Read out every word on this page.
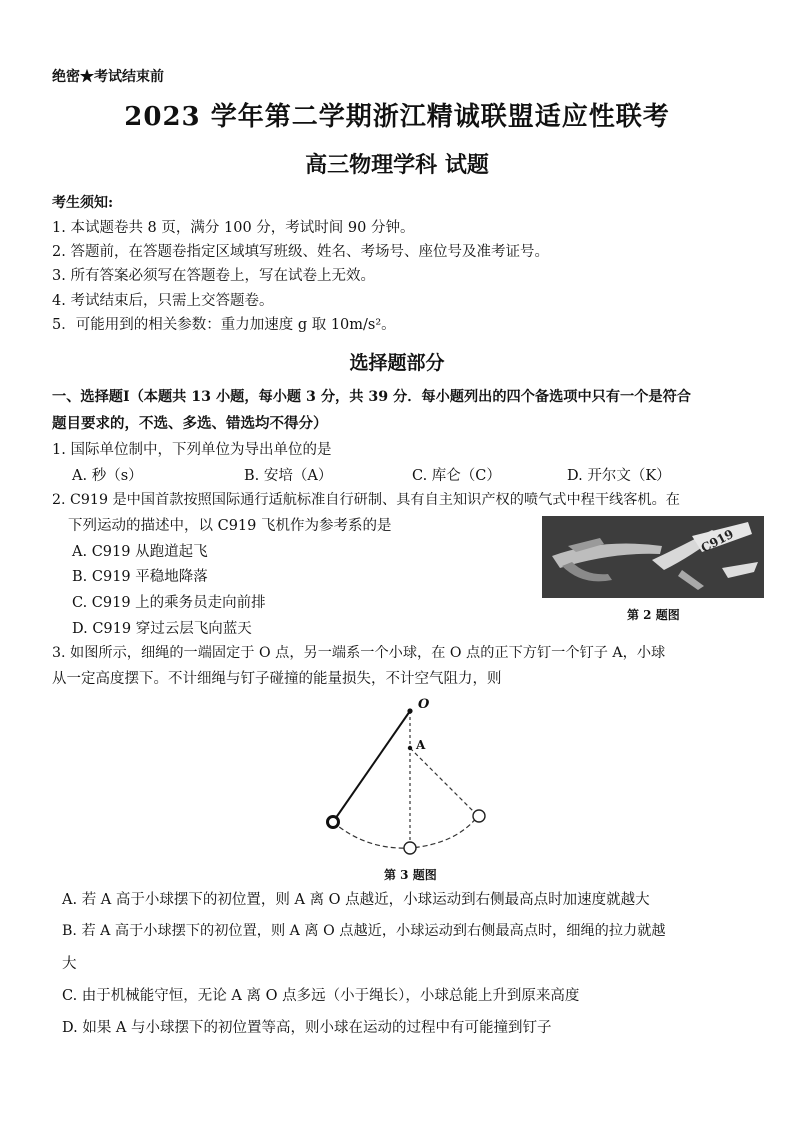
绝密★考试结束前
2023 学年第二学期浙江精诚联盟适应性联考
高三物理学科 试题
考生须知:
1. 本试题卷共 8 页，满分 100 分，考试时间 90 分钟。
2. 答题前，在答题卷指定区域填写班级、姓名、考场号、座位号及准考证号。
3. 所有答案必须写在答题卷上，写在试卷上无效。
4. 考试结束后，只需上交答题卷。
5．可能用到的相关参数：重力加速度 g 取 10m/s²。
选择题部分
一、选择题I（本题共 13 小题，每小题 3 分，共 39 分．每小题列出的四个备选项中只有一个是符合
题目要求的，不选、多选、错选均不得分）
1. 国际单位制中，下列单位为导出单位的是
A. 秒（s）	B. 安培（A）	C. 库仑（C）	D. 开尔文（K）
2. C919 是中国首款按照国际通行适航标准自行研制、具有自主知识产权的喷气式中程干线客机。在
下列运动的描述中，以 C919 飞机作为参考系的是
A. C919 从跑道起飞
B. C919 平稳地降落
C. C919 上的乘务员走向前排
D. C919 穿过云层飞向蓝天
C919
第 2 题图
3. 如图所示，细绳的一端固定于 O 点，另一端系一个小球，在 O 点的正下方钉一个钉子 A，小球
从一定高度摆下。不计细绳与钉子碰撞的能量损失，不计空气阻力，则
O
A
第 3 题图
A. 若 A 高于小球摆下的初位置，则 A 离 O 点越近，小球运动到右侧最高点时加速度就越大
B. 若 A 高于小球摆下的初位置，则 A 离 O 点越近，小球运动到右侧最高点时，细绳的拉力就越
大
C. 由于机械能守恒，无论 A 离 O 点多远（小于绳长），小球总能上升到原来高度
D. 如果 A 与小球摆下的初位置等高，则小球在运动的过程中有可能撞到钉子
